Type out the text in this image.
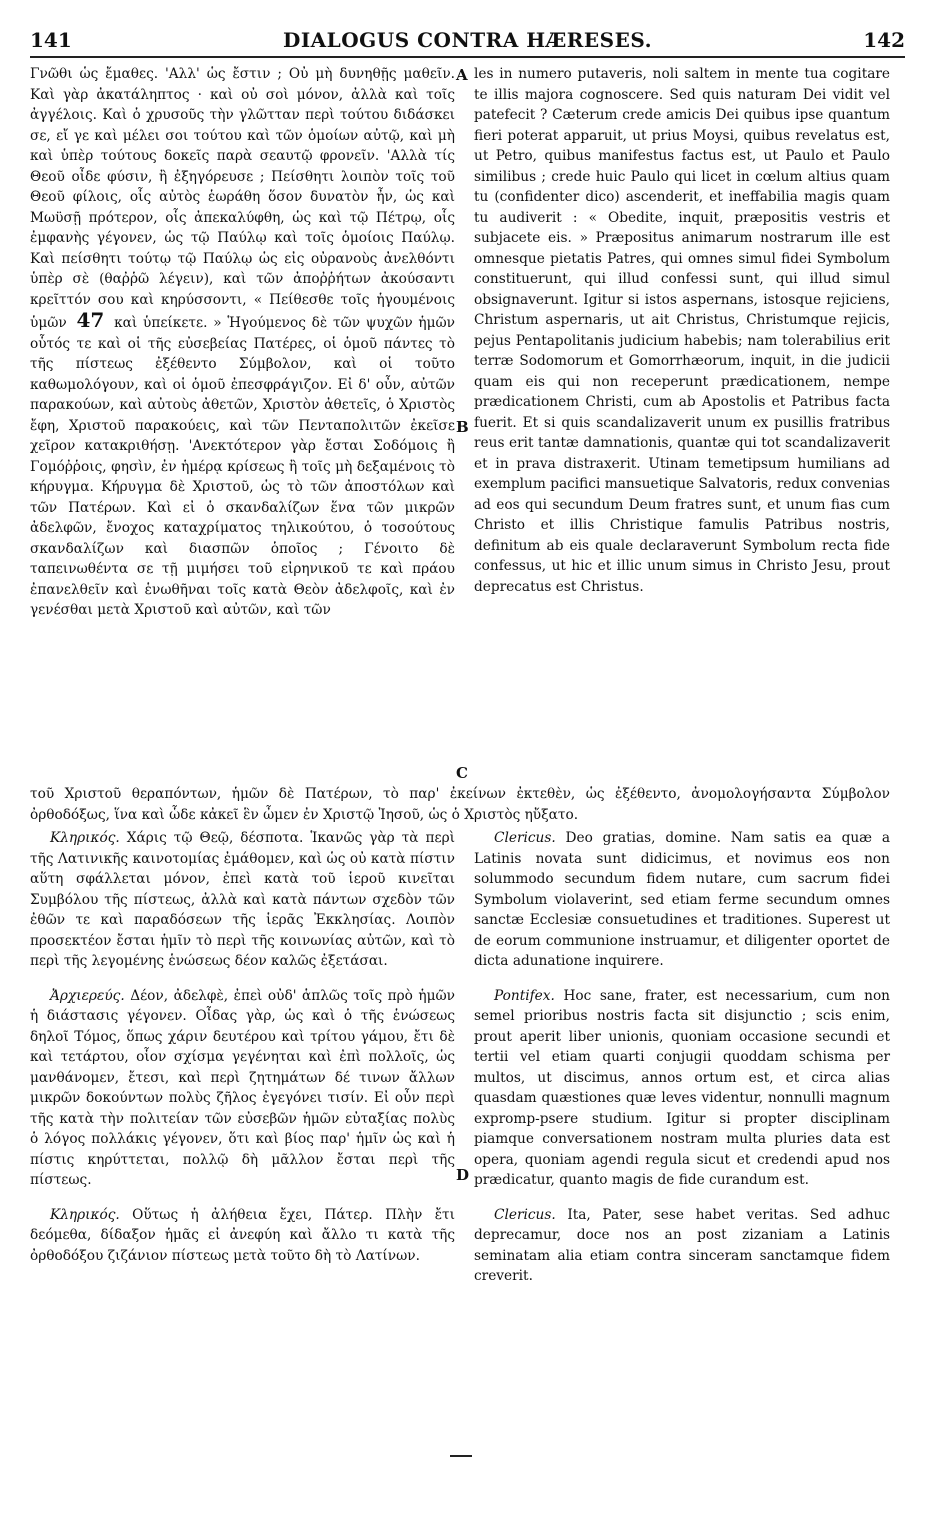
141	DIALOGUS CONTRA HÆRESES.	142
A
B
C
D

Γνῶθι ὡς ἔμαθες. 'Αλλ' ὡς ἔστιν ; Οὐ μὴ δυνηθῇς μαθεῖν. Καὶ γὰρ ἀκατάληπτος · καὶ οὐ σοὶ μόνον, ἀλλὰ καὶ τοῖς ἀγγέλοις. Καὶ ὁ χρυσοῦς τὴν γλῶτταν περὶ τούτου διδάσκει σε, εἴ γε καὶ μέλει σοι τούτου καὶ τῶν ὁμοίων αὐτῷ, καὶ μὴ καὶ ὑπὲρ τούτους δοκεῖς παρὰ σεαυτῷ φρονεῖν. 'Αλλὰ τίς Θεοῦ οἶδε φύσιν, ἢ ἐξηγόρευσε ; Πείσθητι λοιπὸν τοῖς τοῦ Θεοῦ φίλοις, οἷς αὐτὸς ἑωράθη ὅσον δυνατὸν ἦν, ὡς καὶ Μωϋσῇ πρότερον, οἷς ἀπεκαλύφθη, ὡς καὶ τῷ Πέτρῳ, οἷς ἐμφανὴς γέγονεν, ὡς τῷ Παύλῳ καὶ τοῖς ὁμοίοις Παύλῳ. Καὶ πείσθητι τούτῳ τῷ Παύλῳ ὡς εἰς οὐρανοὺς ἀνελθόντι ὑπὲρ σὲ (θαῤῥῶ λέγειν), καὶ τῶν ἀποῤῥήτων ἀκούσαντι κρεῖττόν σου καὶ κηρύσσοντι, « Πείθεσθε τοῖς ἡγουμένοις ὑμῶν 47 καὶ ὑπείκετε. » Ἡγούμενος δὲ τῶν ψυχῶν ἡμῶν οὗτός τε καὶ οἱ τῆς εὐσεβείας Πατέρες, οἱ ὁμοῦ πάντες τὸ τῆς πίστεως ἐξέθεντο Σύμβολον, καὶ οἱ τοῦτο καθωμολόγουν, καὶ οἱ ὁμοῦ ἐπεσφράγιζον. Εἰ δ' οὖν, αὐτῶν παρακούων, καὶ αὐτοὺς ἀθετῶν, Χριστὸν ἀθετεῖς, ὁ Χριστὸς ἔφη, Χριστοῦ παρακούεις, καὶ τῶν Πενταπολιτῶν ἐκεῖσε χεῖρον κατακριθήσῃ. 'Ανεκτότερον γὰρ ἔσται Σοδόμοις ἢ Γομόῤῥοις, φησὶν, ἐν ἡμέρᾳ κρίσεως ἢ τοῖς μὴ δεξαμένοις τὸ κήρυγμα. Κήρυγμα δὲ Χριστοῦ, ὡς τὸ τῶν ἀποστόλων καὶ τῶν Πατέρων. Καὶ εἰ ὁ σκανδαλίζων ἕνα τῶν μικρῶν ἀδελφῶν, ἔνοχος καταχρίματος τηλικούτου, ὁ τοσούτους σκανδαλίζων καὶ διασπῶν ὁποῖος ; Γένοιτο δὲ ταπεινωθέντα σε τῇ μιμήσει τοῦ εἰρηνικοῦ τε καὶ πράου ἐπανελθεῖν καὶ ἑνωθῆναι τοῖς κατὰ Θεὸν ἀδελφοῖς, καὶ ἐν γενέσθαι μετὰ Χριστοῦ καὶ αὐτῶν, καὶ τῶν

les in numero putaveris, noli saltem in mente tua cogitare te illis majora cognoscere. Sed quis naturam Dei vidit vel patefecit ? Cæterum crede amicis Dei quibus ipse quantum fieri poterat apparuit, ut prius Moysi, quibus revelatus est, ut Petro, quibus manifestus factus est, ut Paulo et Paulo similibus ; crede huic Paulo qui licet in cœlum altius quam tu (confidenter dico) ascenderit, et ineffabilia magis quam tu audiverit : « Obedite, inquit, præpositis vestris et subjacete eis. » Præpositus animarum nostrarum ille est omnesque pietatis Patres, qui omnes simul fidei Symbolum constituerunt, qui illud confessi sunt, qui illud simul obsignaverunt. Igitur si istos aspernans, istosque rejiciens, Christum aspernaris, ut ait Christus, Christumque rejicis, pejus Pentapolitanis judicium habebis; nam tolerabilius erit terræ Sodomorum et Gomorrhæorum, inquit, in die judicii quam eis qui non receperunt prædicationem, nempe prædicationem Christi, cum ab Apostolis et Patribus facta fuerit. Et si quis scandalizaverit unum ex pusillis fratribus reus erit tantæ damnationis, quantæ qui tot scandalizaverit et in prava distraxerit. Utinam temetipsum humilians ad exemplum pacifici mansuetique Salvatoris, redux convenias ad eos qui secundum Deum fratres sunt, et unum fias cum Christo et illis Christique famulis Patribus nostris, definitum ab eis quale declaraverunt Symbolum recta fide confessus, ut hic et illic unum simus in Christo Jesu, prout deprecatus est Christus.

τοῦ Χριστοῦ θεραπόντων, ἡμῶν δὲ Πατέρων, τὸ παρ' ἐκείνων ἐκτεθὲν, ὡς ἐξέθεντο, ἀνομολογήσαντα Σύμβολον ὀρθοδόξως, ἵνα καὶ ὧδε κἀκεῖ ἓν ὦμεν ἐν Χριστῷ Ἰησοῦ, ὡς ὁ Χριστὸς ηὔξατο.

Κληρικός. Χάρις τῷ Θεῷ, δέσποτα. Ἱκανῶς γὰρ τὰ περὶ τῆς Λατινικῆς καινοτομίας ἐμάθομεν, καὶ ὡς οὐ κατὰ πίστιν αὕτη σφάλλεται μόνον, ἐπεὶ κατὰ τοῦ ἱεροῦ κινεῖται Συμβόλου τῆς πίστεως, ἀλλὰ καὶ κατὰ πάντων σχεδὸν τῶν ἐθῶν τε καὶ παραδόσεων τῆς ἱερᾶς Ἐκκλησίας. Λοιπὸν προσεκτέον ἔσται ἡμῖν τὸ περὶ τῆς κοινωνίας αὐτῶν, καὶ τὸ περὶ τῆς λεγομένης ἑνώσεως δέον καλῶς ἐξετάσαι.

Ἀρχιερεύς. Δέον, ἀδελφὲ, ἐπεὶ οὐδ' ἁπλῶς τοῖς πρὸ ἡμῶν ἡ διάστασις γέγονεν. Οἶδας γὰρ, ὡς καὶ ὁ τῆς ἑνώσεως δηλοῖ Τόμος, ὅπως χάριν δευτέρου καὶ τρίτου γάμου, ἔτι δὲ καὶ τετάρτου, οἷον σχίσμα γεγένηται καὶ ἐπὶ πολλοῖς, ὡς μανθάνομεν, ἔτεσι, καὶ περὶ ζητημάτων δέ τινων ἄλλων μικρῶν δοκούντων πολὺς ζῆλος ἐγεγόνει τισίν. Εἰ οὖν περὶ τῆς κατὰ τὴν πολιτείαν τῶν εὐσεβῶν ἡμῶν εὐταξίας πολὺς ὁ λόγος πολλάκις γέγονεν, ὅτι καὶ βίος παρ' ἡμῖν ὡς καὶ ἡ πίστις κηρύττεται, πολλῷ δὴ μᾶλλον ἔσται περὶ τῆς πίστεως.

Κληρικός. Οὕτως ἡ ἀλήθεια ἔχει, Πάτερ. Πλὴν ἔτι δεόμεθα, δίδαξον ἡμᾶς εἰ ἀνεφύη καὶ ἄλλο τι κατὰ τῆς ὀρθοδόξου ζιζάνιον πίστεως μετὰ τοῦτο δὴ τὸ Λατίνων.

Clericus. Deo gratias, domine. Nam satis ea quæ a Latinis novata sunt didicimus, et novimus eos non solummodo secundum fidem nutare, cum sacrum fidei Symbolum violaverint, sed etiam ferme secundum omnes sanctæ Ecclesiæ consuetudines et traditiones. Superest ut de eorum communione instruamur, et diligenter oportet de dicta adunatione inquirere.

Pontifex. Hoc sane, frater, est necessarium, cum non semel prioribus nostris facta sit disjunctio ; scis enim, prout aperit liber unionis, quoniam occasione secundi et tertii vel etiam quarti conjugii quoddam schisma per multos, ut discimus, annos ortum est, et circa alias quasdam quæstiones quæ leves videntur, nonnulli magnum expromp-psere studium. Igitur si propter disciplinam piamque conversationem nostram multa pluries data est opera, quoniam agendi regula sicut et credendi apud nos prædicatur, quanto magis de fide curandum est.

Clericus. Ita, Pater, sese habet veritas. Sed adhuc deprecamur, doce nos an post zizaniam a Latinis seminatam alia etiam contra sinceram sanctamque fidem creverit.
